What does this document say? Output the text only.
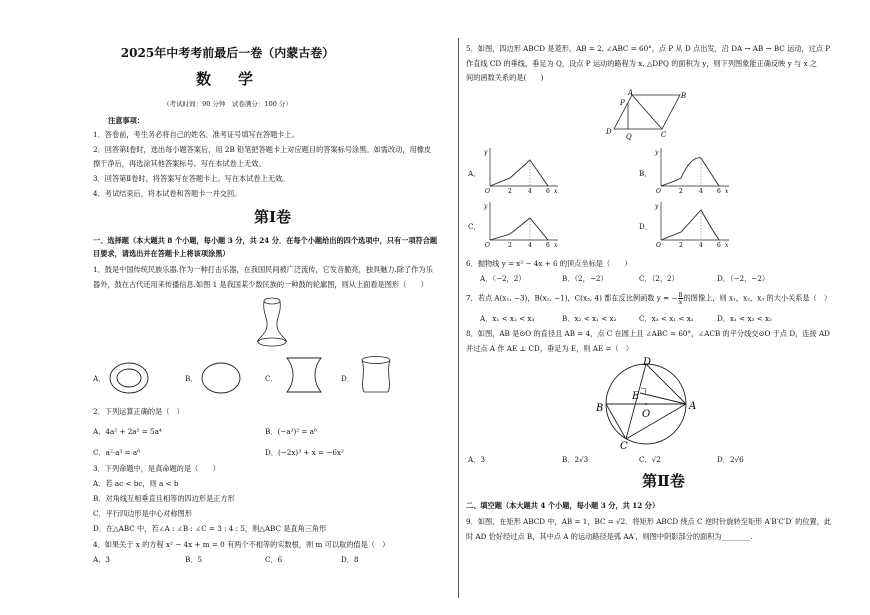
2025年中考考前最后一卷（内蒙古卷）
数　学
（考试时间：90 分钟　试卷满分：100 分）
注意事项：
1．答卷前，考生务必将自己的姓名、准考证号填写在答题卡上。
2．回答第Ⅰ卷时，选出每小题答案后，用 2B 铅笔把答题卡上对应题目的答案标号涂黑。如需改动，用橡皮
擦干净后，再选涂其他答案标号。写在本试卷上无效。
3．回答第Ⅱ卷时，将答案写在答题卡上。写在本试卷上无效。
4．考试结束后，将本试卷和答题卡一并交回。
第Ⅰ卷
一、选择题（本大题共 8 个小题，每小题 3 分，共 24 分．在每个小题给出的四个选项中，只有一项符合题
目要求，请选出并在答题卡上将该项涂黑）
1．鼓是中国传统民族乐器.作为一种打击乐器，在我国民间被广泛流传，它发音脆亮，独具魅力.除了作为乐
器外，鼓在古代还用来传播信息.如图 1 是我国某少数民族的一种鼓的轮廓图，则从上面看是图形（　　）
A．	B．	C．	D．
2．下列运算正确的是（　）
A．4a² + 2a² = 5a⁴	B．(−a³)² = a⁶
C．a²·a³ = a⁶	D．(−2x)³ + x = −6x²
3．下列命题中，是真命题的是（　　）
A．若 ac < bc，则 a < b
B．对角线互相垂直且相等的四边形是正方形
C．平行四边形是中心对称图形
D．在△ABC 中，若∠A : ∠B : ∠C = 3 : 4 : 5，则△ABC 是直角三角形
4．如果关于 x 的方程 x² − 4x + m = 0 有两个不相等的实数根，则 m 可以取的值是（　）
A．3	B．5	C．6	D．8
5．如图，四边形 ABCD 是菱形，AB = 2, ∠ABC = 60°，点 P 从 D 点出发，沿 DA → AB → BC 运动，过点 P
作直线 CD 的垂线，垂足为 Q，设点 P 运动的路程为 x, △DPQ 的面积为 y，则下列图象能正确反映 y 与 x 之
间的函数关系的是(　　)
A
P
B
D
Q	C
A．
y
O	2	4 6 x
B．
y
O	2	4 6 x
C．
y
O	2	4 6 x
D．
y
O	2	4 6 x
6．抛物线 y = x² − 4x + 6 的顶点坐标是（　　）
A．（−2，2）	B．（2，−2）	C．（2，2）	D．（−2，−2）
7．若点 A(x₁, −3)，B(x₂, −1)，C(x₃, 4) 都在反比例函数 y = − $\frac{8}{x}$ 的图像上，则 x₁，x₂，x₃ 的大小关系是（　）
A．x₁ < x₂ < x₃	B．x₂ < x₁ < x₃	C．x₃ < x₁ < x₂	D．x₁ < x₃ < x₂
8．如图，AB 是⊙O 的直径且 AB = 4，点 C 在圆上且 ∠ABC = 60°，∠ACB 的平分线交⊙O 于点 D，连接 AD
并过点 A 作 AE ⊥ CD，垂足为 E，则 AE =（　）
D
E
B
O
A
C
A．3	B．2√3	C．√2	D．2√6
第Ⅱ卷
二、填空题（本大题共 4 个小题，每小题 3 分，共 12 分）
9．如图，在矩形 ABCD 中，AB = 1，BC = √2．将矩形 ABCD 绕点 C 逆时针旋转至矩形 A′B′C′D′ 的位置，此
时 AD 恰好经过点 B，其中点 A 的运动路径是弧 AA′，则图中阴影部分的面积为________.
